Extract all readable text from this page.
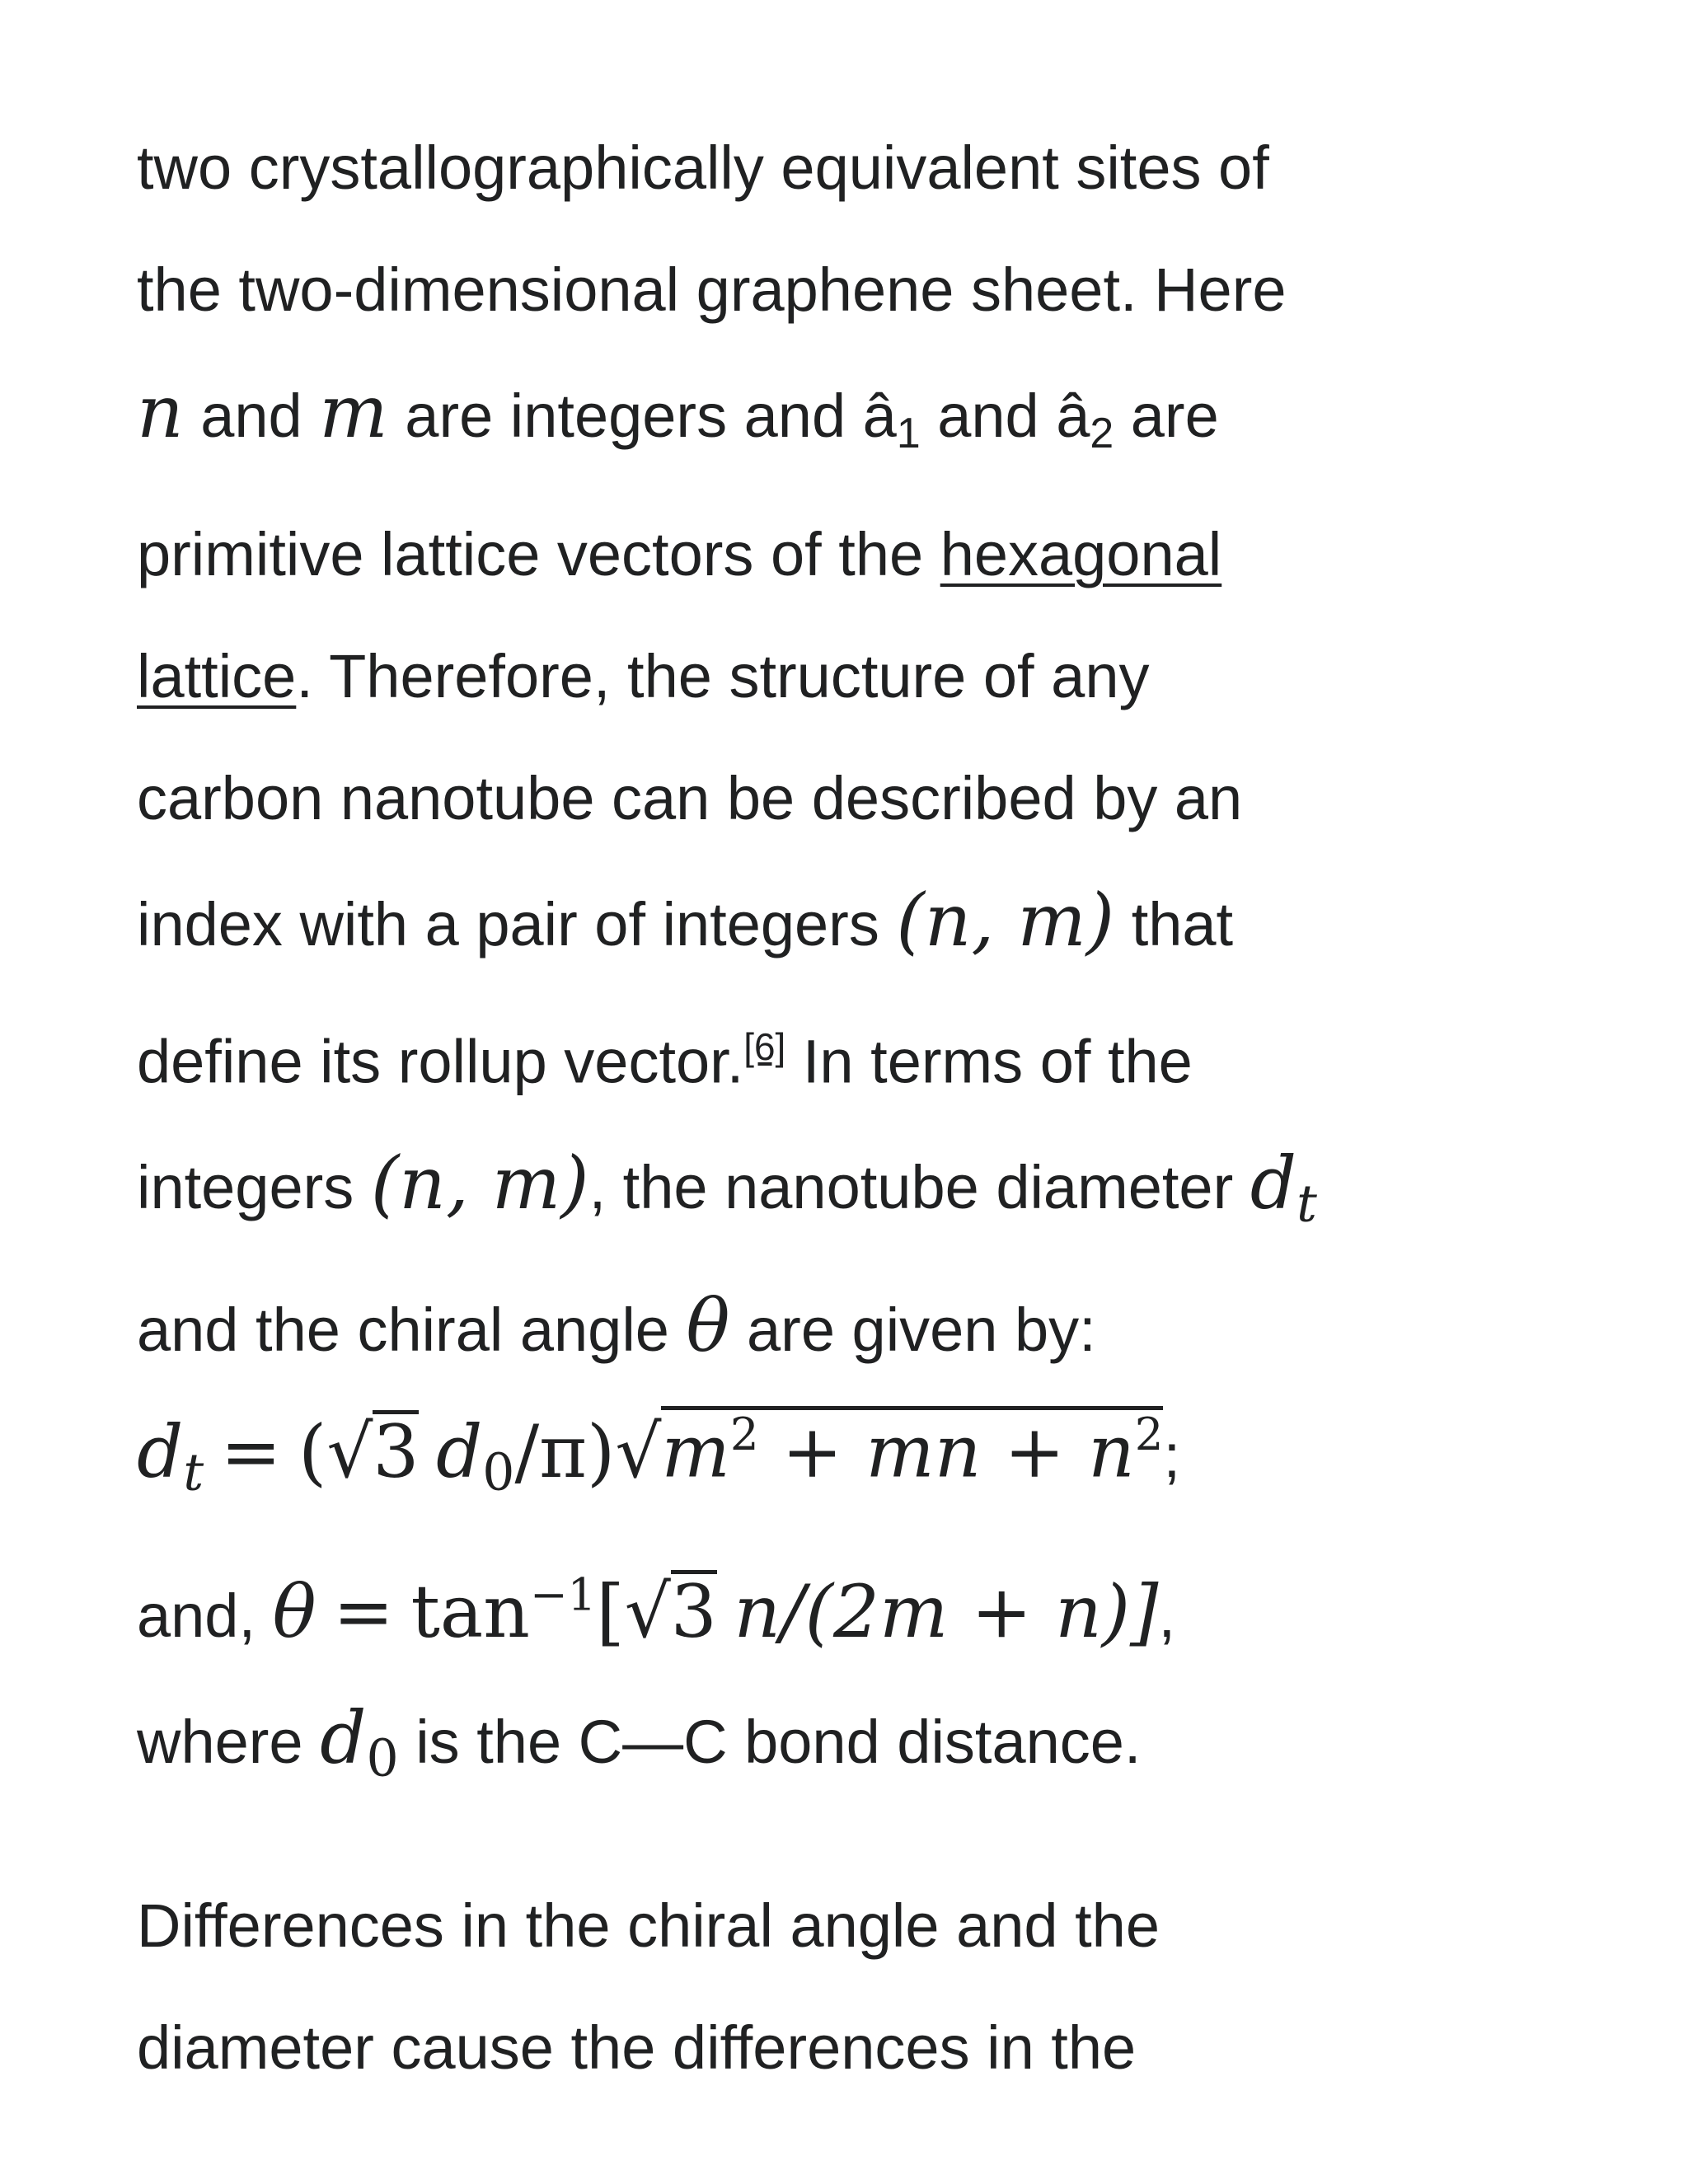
two crystallographically equivalent sites of
the two-dimensional graphene sheet. Here
n and m are integers and $â_1$ and $â_2$ are
primitive lattice vectors of the hexagonal
lattice. Therefore, the structure of any
carbon nanotube can be described by an
index with a pair of integers (n, m) that
define its rollup vector.[6] In terms of the
integers (n, m), the nanotube diameter $d_t$
and the chiral angle θ are given by:
$d_t = (√3$ $d_0/\pi)√m^2$ + mn + $n^2$;
and, $\theta = \tan^{-1}[√3$ n/(2m + n)],
where $d_0$ is the C—C bond distance.

Differences in the chiral angle and the
diameter cause the differences in the
